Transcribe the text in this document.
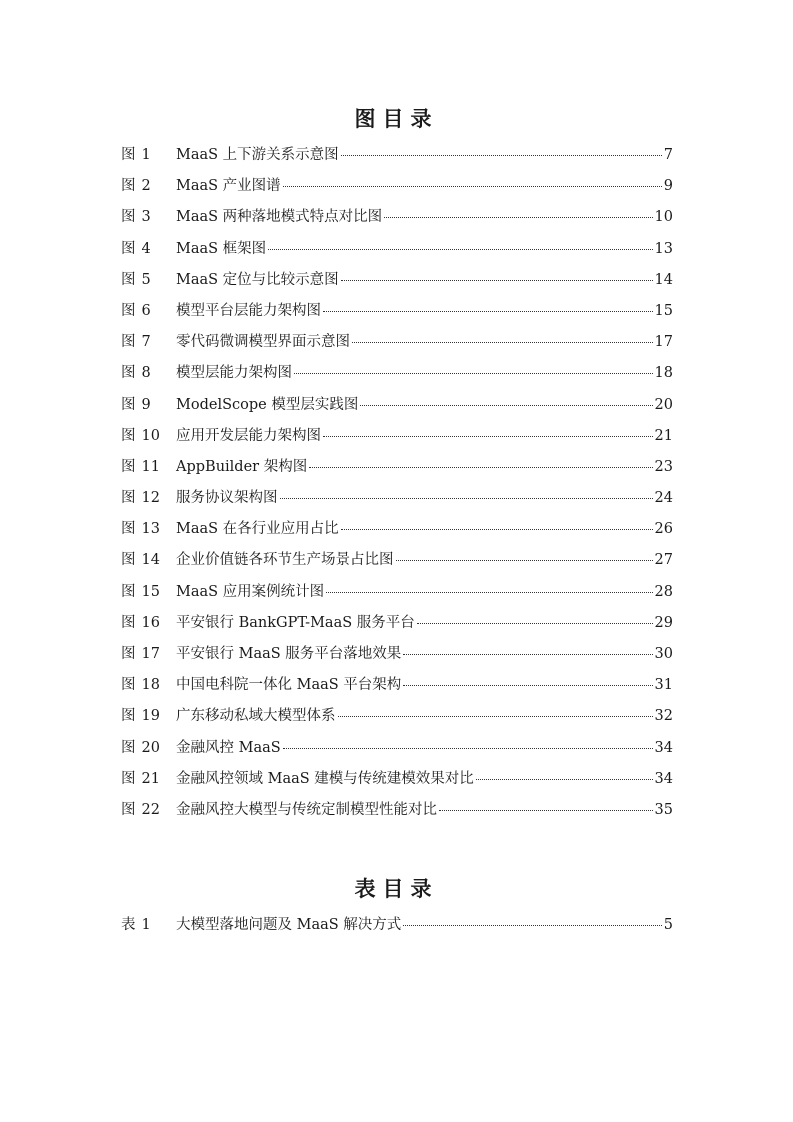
图目录
图 1	MaaS 上下游关系示意图	7
图 2	MaaS 产业图谱	9
图 3	MaaS 两种落地模式特点对比图	10
图 4	MaaS 框架图	13
图 5	MaaS 定位与比较示意图	14
图 6	模型平台层能力架构图	15
图 7	零代码微调模型界面示意图	17
图 8	模型层能力架构图	18
图 9	ModelScope 模型层实践图	20
图 10	应用开发层能力架构图	21
图 11	AppBuilder 架构图	23
图 12	服务协议架构图	24
图 13	MaaS 在各行业应用占比	26
图 14	企业价值链各环节生产场景占比图	27
图 15	MaaS 应用案例统计图	28
图 16	平安银行 BankGPT-MaaS 服务平台	29
图 17	平安银行 MaaS 服务平台落地效果	30
图 18	中国电科院一体化 MaaS 平台架构	31
图 19	广东移动私域大模型体系	32
图 20	金融风控 MaaS	34
图 21	金融风控领域 MaaS 建模与传统建模效果对比	34
图 22	金融风控大模型与传统定制模型性能对比	35
表目录
表 1	大模型落地问题及 MaaS 解决方式	5
